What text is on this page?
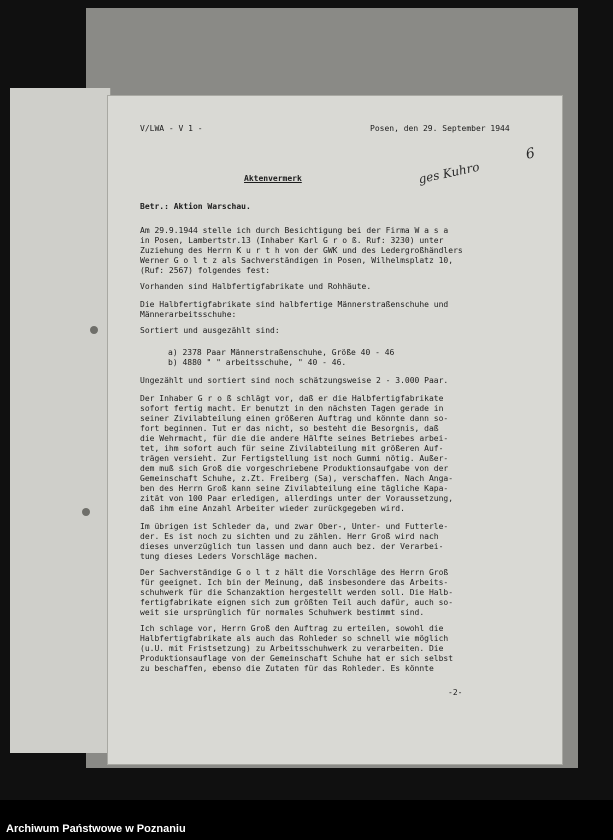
V/LWA - V 1 -	Posen, den 29. September 1944
Aktenvermerk	ges Kuhro
6
Betr.: Aktion Warschau.
Am 29.9.1944 stelle ich durch Besichtigung bei der Firma W a s a
in Posen, Lambertstr.13 (Inhaber Karl G r o ß. Ruf: 3230) unter
Zuziehung des Herrn K u r t h von der GWK und des Ledergroßhändlers
Werner G o l t z als Sachverständigen in Posen, Wilhelmsplatz 10,
(Ruf: 2567) folgendes fest:
Vorhanden sind Halbfertigfabrikate und Rohhäute.
Die Halbfertigfabrikate sind halbfertige Männerstraßenschuhe und
Männerarbeitsschuhe:
Sortiert und ausgezählt sind:
a) 2378 Paar Männerstraßenschuhe, Größe 40 - 46
b) 4880 " " arbeitsschuhe, " 40 - 46.
Ungezählt und sortiert sind noch schätzungsweise 2 - 3.000 Paar.
Der Inhaber G r o ß schlägt vor, daß er die Halbfertigfabrikate
sofort fertig macht. Er benutzt in den nächsten Tagen gerade in
seiner Zivilabteilung einen größeren Auftrag und könnte dann so-
fort beginnen. Tut er das nicht, so besteht die Besorgnis, daß
die Wehrmacht, für die die andere Hälfte seines Betriebes arbei-
tet, ihm sofort auch für seine Zivilabteilung mit größeren Auf-
trägen versieht. Zur Fertigstellung ist noch Gummi nötig. Außer-
dem muß sich Groß die vorgeschriebene Produktionsaufgabe von der
Gemeinschaft Schuhe, z.Zt. Freiberg (Sa), verschaffen. Nach Anga-
ben des Herrn Groß kann seine Zivilabteilung eine tägliche Kapa-
zität von 100 Paar erledigen, allerdings unter der Voraussetzung,
daß ihm eine Anzahl Arbeiter wieder zurückgegeben wird.
Im übrigen ist Schleder da, und zwar Ober-, Unter- und Futterle-
der. Es ist noch zu sichten und zu zählen. Herr Groß wird nach
dieses unverzüglich tun lassen und dann auch bez. der Verarbei-
tung dieses Leders Vorschläge machen.
Der Sachverständige G o l t z hält die Vorschläge des Herrn Groß
für geeignet. Ich bin der Meinung, daß insbesondere das Arbeits-
schuhwerk für die Schanzaktion hergestellt werden soll. Die Halb-
fertigfabrikate eignen sich zum größten Teil auch dafür, auch so-
weit sie ursprünglich für normales Schuhwerk bestimmt sind.
Ich schlage vor, Herrn Groß den Auftrag zu erteilen, sowohl die
Halbfertigfabrikate als auch das Rohleder so schnell wie möglich
(u.U. mit Fristsetzung) zu Arbeitsschuhwerk zu verarbeiten. Die
Produktionsauflage von der Gemeinschaft Schuhe hat er sich selbst
zu beschaffen, ebenso die Zutaten für das Rohleder. Es könnte
-2-
Archiwum Państwowe w Poznaniu
